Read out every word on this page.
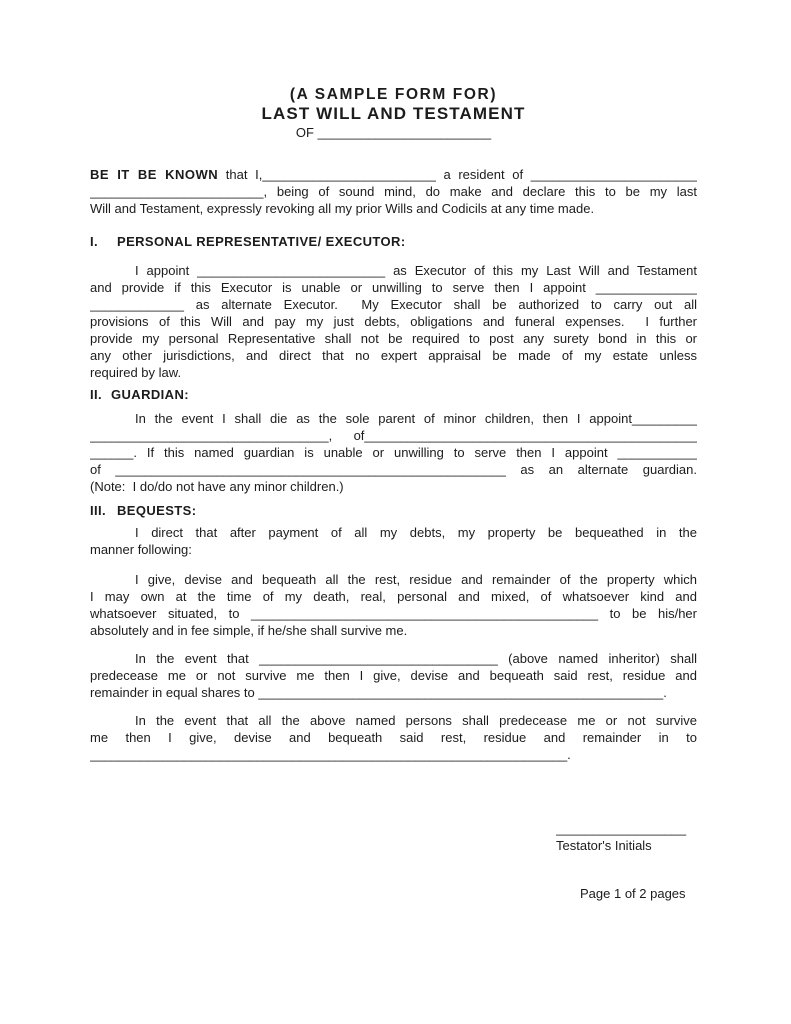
(A SAMPLE FORM FOR)
LAST WILL AND TESTAMENT
OF ________________________
BE IT BE KNOWN that I,________________________ a resident of _______________________
________________________, being of sound mind, do make and declare this to be my last
Will and Testament, expressly revoking all my prior Wills and Codicils at any time made.
I. PERSONAL REPRESENTATIVE/ EXECUTOR:
I appoint __________________________ as Executor of this my Last Will and Testament
and provide if this Executor is unable or unwilling to serve then I appoint ______________
_____________ as alternate Executor.  My Executor shall be authorized to carry out all
provisions of this Will and pay my just debts, obligations and funeral expenses.  I further
provide my personal Representative shall not be required to post any surety bond in this or
any other jurisdictions, and direct that no expert appraisal be made of my estate unless
required by law.
II. GUARDIAN:
In the event I shall die as the sole parent of minor children, then I appoint_________
_________________________________, of______________________________________________
______. If this named guardian is unable or unwilling to serve then I appoint ___________
of ______________________________________________________ as an alternate guardian.
(Note:  I do/do not have any minor children.)
III. BEQUESTS:
I direct that after payment of all my debts, my property be bequeathed in the
manner following:
I give, devise and bequeath all the rest, residue and remainder of the property which
I may own at the time of my death, real, personal and mixed, of whatsoever kind and
whatsoever situated, to ________________________________________________ to be his/her
absolutely and in fee simple, if he/she shall survive me.
In the event that _________________________________ (above named inheritor) shall
predecease me or not survive me then I give, devise and bequeath said rest, residue and
remainder in equal shares to ________________________________________________________.
In the event that all the above named persons shall predecease me or not survive
me then I give, devise and bequeath said rest, residue and remainder in to
__________________________________________________________________.
__________________
Testator's Initials
Page 1 of 2 pages
